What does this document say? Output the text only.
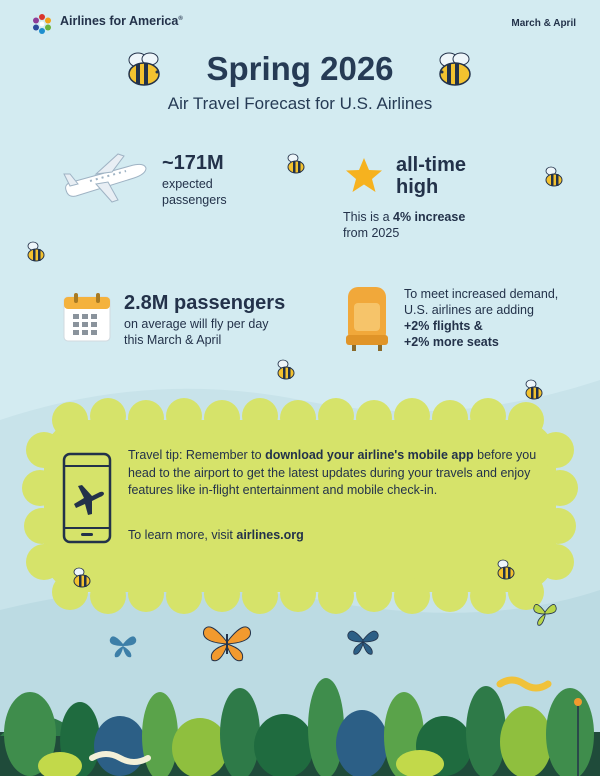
Airlines for America®	March & April
Spring 2026
Air Travel Forecast for U.S. Airlines
~171M
expected
passengers
all-time
high
This is a 4% increase
from 2025
2.8M passengers
on average will fly per day
this March & April
To meet increased demand,
U.S. airlines are adding
+2% flights &
+2% more seats
Travel tip: Remember to download your airline's mobile app before you head to the airport to get the latest updates during your travels and enjoy features like in-flight entertainment and mobile check-in.
To learn more, visit airlines.org
